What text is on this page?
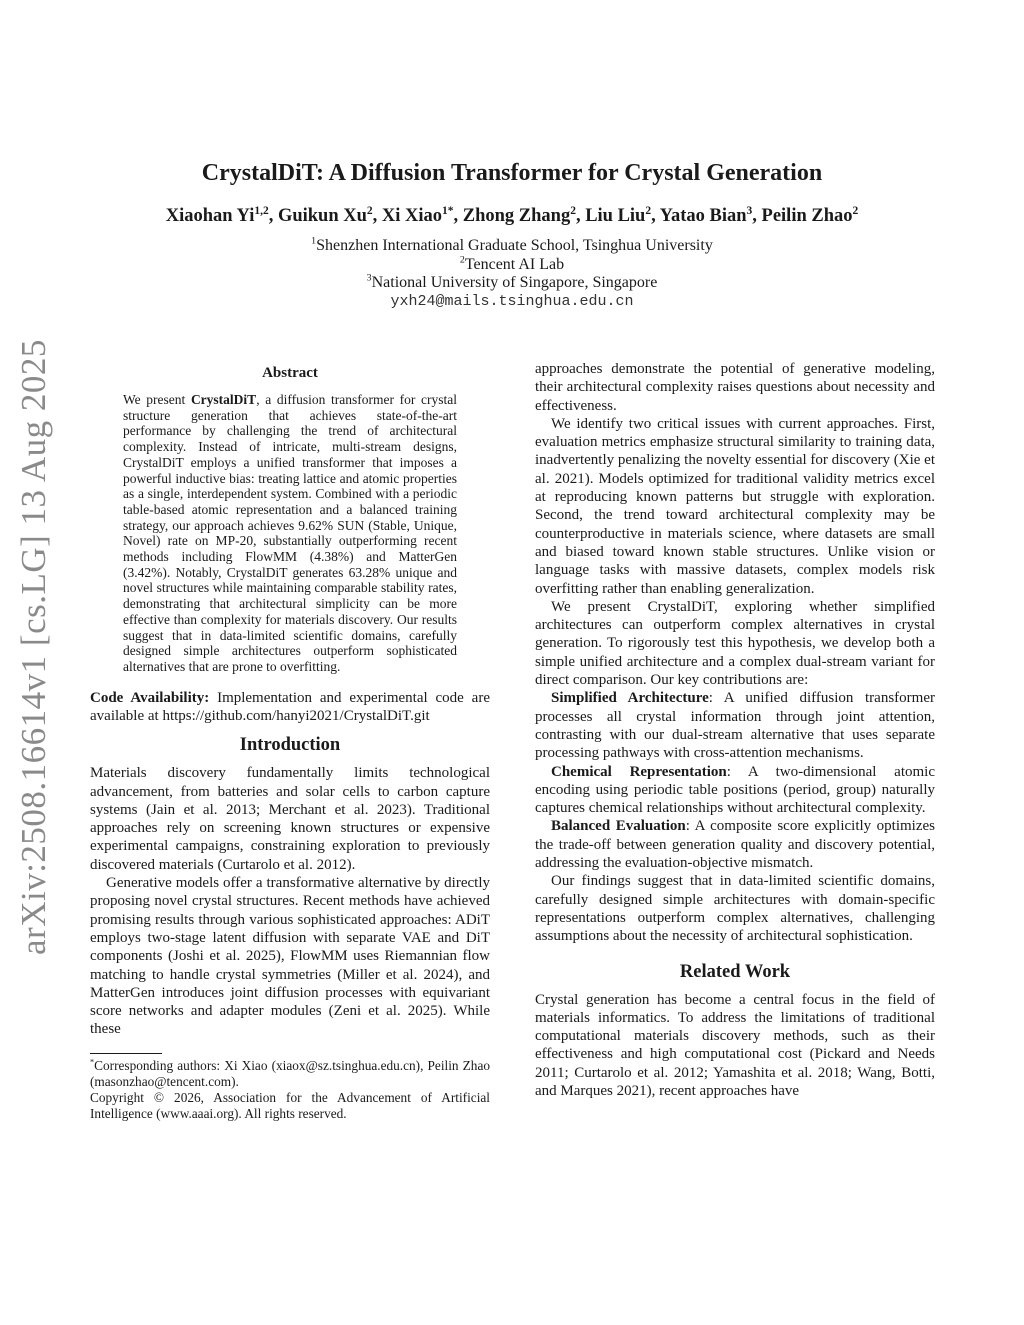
arXiv:2508.16614v1 [cs.LG] 13 Aug 2025
CrystalDiT: A Diffusion Transformer for Crystal Generation
Xiaohan Yi$^{1,2}$, Guikun Xu$^2$, Xi Xiao$^{1*}$, Zhong Zhang$^2$, Liu Liu$^2$, Yatao Bian$^3$, Peilin Zhao$^2$
$^1$Shenzhen International Graduate School, Tsinghua University
$^2$Tencent AI Lab
$^3$National University of Singapore, Singapore
yxh24@mails.tsinghua.edu.cn
Abstract

We present CrystalDiT, a diffusion transformer for crystal structure generation that achieves state-of-the-art performance by challenging the trend of architectural complexity. Instead of intricate, multi-stream designs, CrystalDiT employs a unified transformer that imposes a powerful inductive bias: treating lattice and atomic properties as a single, interdependent system. Combined with a periodic table-based atomic representation and a balanced training strategy, our approach achieves 9.62% SUN (Stable, Unique, Novel) rate on MP-20, substantially outperforming recent methods including FlowMM (4.38%) and MatterGen (3.42%). Notably, CrystalDiT generates 63.28% unique and novel structures while maintaining comparable stability rates, demonstrating that architectural simplicity can be more effective than complexity for materials discovery. Our results suggest that in data-limited scientific domains, carefully designed simple architectures outperform sophisticated alternatives that are prone to overfitting.

Code Availability: Implementation and experimental code are available at https://github.com/hanyi2021/CrystalDiT.git

Introduction

Materials discovery fundamentally limits technological advancement, from batteries and solar cells to carbon capture systems (Jain et al. 2013; Merchant et al. 2023). Traditional approaches rely on screening known structures or expensive experimental campaigns, constraining exploration to previously discovered materials (Curtarolo et al. 2012).

Generative models offer a transformative alternative by directly proposing novel crystal structures. Recent methods have achieved promising results through various sophisticated approaches: ADiT employs two-stage latent diffusion with separate VAE and DiT components (Joshi et al. 2025), FlowMM uses Riemannian flow matching to handle crystal symmetries (Miller et al. 2024), and MatterGen introduces joint diffusion processes with equivariant score networks and adapter modules (Zeni et al. 2025). While these

*Corresponding authors: Xi Xiao (xiaox@sz.tsinghua.edu.cn), Peilin Zhao (masonzhao@tencent.com).

Copyright © 2026, Association for the Advancement of Artificial Intelligence (www.aaai.org). All rights reserved.

approaches demonstrate the potential of generative modeling, their architectural complexity raises questions about necessity and effectiveness.

We identify two critical issues with current approaches. First, evaluation metrics emphasize structural similarity to training data, inadvertently penalizing the novelty essential for discovery (Xie et al. 2021). Models optimized for traditional validity metrics excel at reproducing known patterns but struggle with exploration. Second, the trend toward architectural complexity may be counterproductive in materials science, where datasets are small and biased toward known stable structures. Unlike vision or language tasks with massive datasets, complex models risk overfitting rather than enabling generalization.

We present CrystalDiT, exploring whether simplified architectures can outperform complex alternatives in crystal generation. To rigorously test this hypothesis, we develop both a simple unified architecture and a complex dual-stream variant for direct comparison. Our key contributions are:

Simplified Architecture: A unified diffusion transformer processes all crystal information through joint attention, contrasting with our dual-stream alternative that uses separate processing pathways with cross-attention mechanisms.

Chemical Representation: A two-dimensional atomic encoding using periodic table positions (period, group) naturally captures chemical relationships without architectural complexity.

Balanced Evaluation: A composite score explicitly optimizes the trade-off between generation quality and discovery potential, addressing the evaluation-objective mismatch.

Our findings suggest that in data-limited scientific domains, carefully designed simple architectures with domain-specific representations outperform complex alternatives, challenging assumptions about the necessity of architectural sophistication.

Related Work

Crystal generation has become a central focus in the field of materials informatics. To address the limitations of traditional computational materials discovery methods, such as their effectiveness and high computational cost (Pickard and Needs 2011; Curtarolo et al. 2012; Yamashita et al. 2018; Wang, Botti, and Marques 2021), recent approaches have
